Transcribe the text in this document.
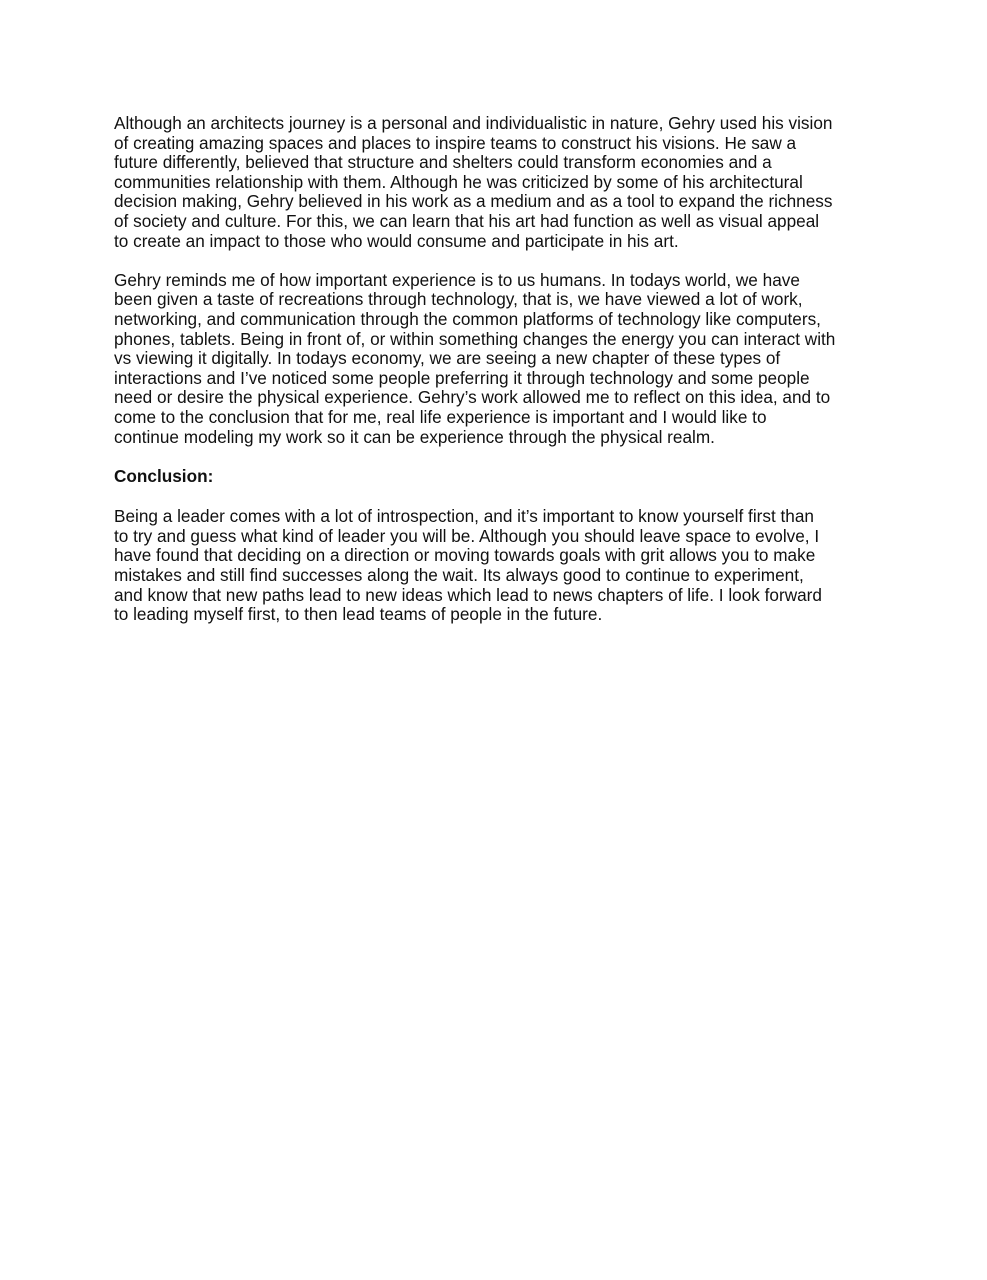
Although an architects journey is a personal and individualistic in nature, Gehry used his vision
of creating amazing spaces and places to inspire teams to construct his visions. He saw a
future differently, believed that structure and shelters could transform economies and a
communities relationship with them. Although he was criticized by some of his architectural
decision making, Gehry believed in his work as a medium and as a tool to expand the richness
of society and culture. For this, we can learn that his art had function as well as visual appeal
to create an impact to those who would consume and participate in his art.

Gehry reminds me of how important experience is to us humans. In todays world, we have
been given a taste of recreations through technology, that is, we have viewed a lot of work,
networking, and communication through the common platforms of technology like computers,
phones, tablets. Being in front of, or within something changes the energy you can interact with
vs viewing it digitally. In todays economy, we are seeing a new chapter of these types of
interactions and I’ve noticed some people preferring it through technology and some people
need or desire the physical experience. Gehry’s work allowed me to reflect on this idea, and to
come to the conclusion that for me, real life experience is important and I would like to
continue modeling my work so it can be experience through the physical realm.

Conclusion:

Being a leader comes with a lot of introspection, and it’s important to know yourself first than
to try and guess what kind of leader you will be. Although you should leave space to evolve, I
have found that deciding on a direction or moving towards goals with grit allows you to make
mistakes and still find successes along the wait. Its always good to continue to experiment,
and know that new paths lead to new ideas which lead to news chapters of life. I look forward
to leading myself first, to then lead teams of people in the future.
